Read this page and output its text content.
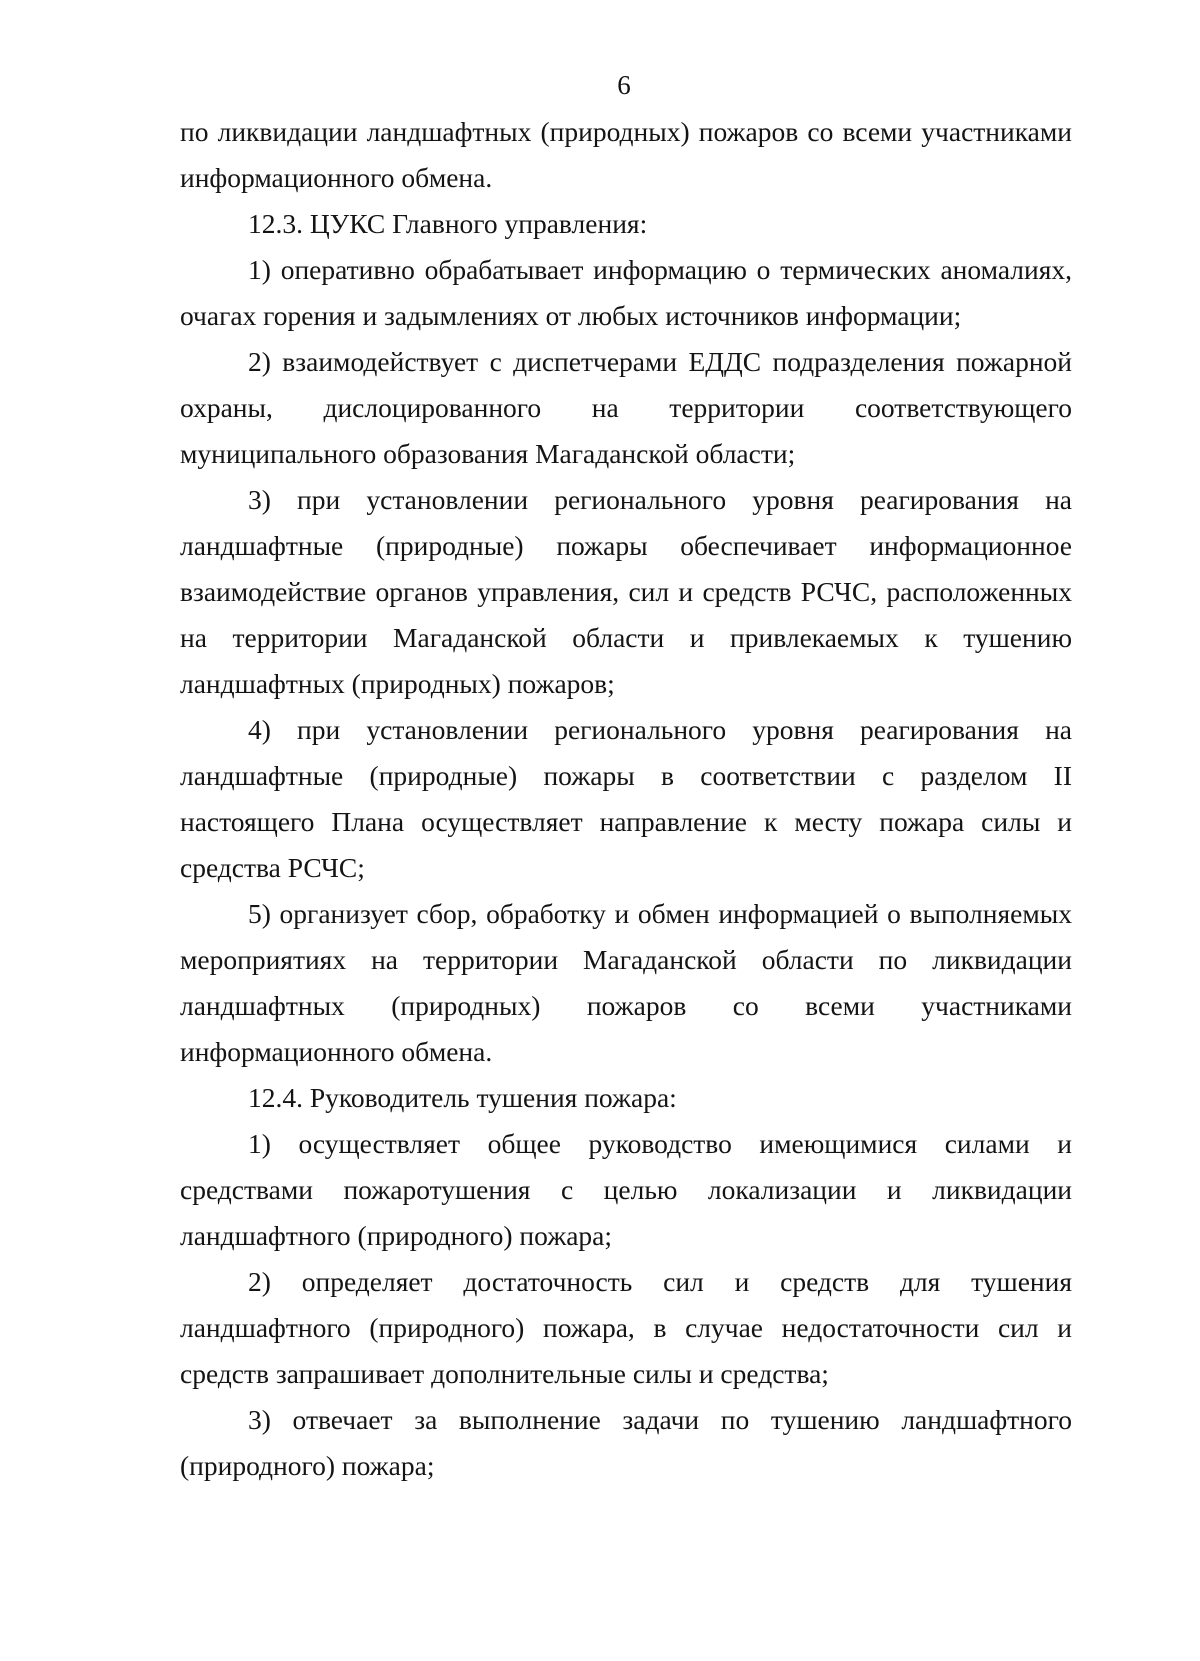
6

по ликвидации ландшафтных (природных) пожаров со всеми участниками информационного обмена.

12.3. ЦУКС Главного управления:

1) оперативно обрабатывает информацию о термических аномалиях, очагах горения и задымлениях от любых источников информации;

2) взаимодействует с диспетчерами ЕДДС подразделения пожарной охраны, дислоцированного на территории соответствующего муниципального образования Магаданской области;

3) при установлении регионального уровня реагирования на ландшафтные (природные) пожары обеспечивает информационное взаимодействие органов управления, сил и средств РСЧС, расположенных на территории Магаданской области и привлекаемых к тушению ландшафтных (природных) пожаров;

4) при установлении регионального уровня реагирования на ландшафтные (природные) пожары в соответствии с разделом II настоящего Плана осуществляет направление к месту пожара силы и средства РСЧС;

5) организует сбор, обработку и обмен информацией о выполняемых мероприятиях на территории Магаданской области по ликвидации ландшафтных (природных) пожаров со всеми участниками информационного обмена.

12.4. Руководитель тушения пожара:

1) осуществляет общее руководство имеющимися силами и средствами пожаротушения с целью локализации и ликвидации ландшафтного (природного) пожара;

2) определяет достаточность сил и средств для тушения ландшафтного (природного) пожара, в случае недостаточности сил и средств запрашивает дополнительные силы и средства;

3) отвечает за выполнение задачи по тушению ландшафтного (природного) пожара;
